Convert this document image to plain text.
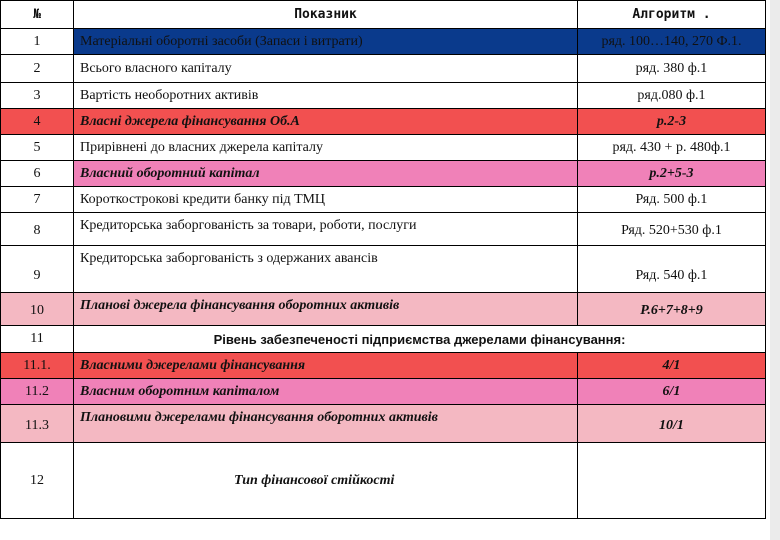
№	Показник	Алгоритм .
1	Матеріальні оборотні засоби (Запаси і витрати)	ряд. 100…140, 270 Ф.1.
2	Всього власного капіталу	ряд. 380 ф.1
3	Вартість необоротних активів	ряд.080 ф.1
4	Власні джерела фінансування Об.А	р.2-3
5	Прирівнені до власних джерела капіталу	ряд. 430 + р. 480ф.1
6	Власний оборотний капітал	р.2+5-3
7	Короткострокові кредити банку під ТМЦ	Ряд. 500 ф.1
8	Кредиторська заборгованість за товари, роботи, послуги	Ряд. 520+530 ф.1
9	Кредиторська заборгованість з одержаних авансів	Ряд. 540 ф.1
10	Планові джерела фінансування оборотних активів	Р.6+7+8+9
11	Рівень забезпеченості підприємства джерелами фінансування:	
11.1.	Власними джерелами фінансування	4/1
11.2	Власним оборотним капіталом	6/1
11.3	Плановими джерелами фінансування оборотних активів	10/1
12	Тип фінансової стійкості	
